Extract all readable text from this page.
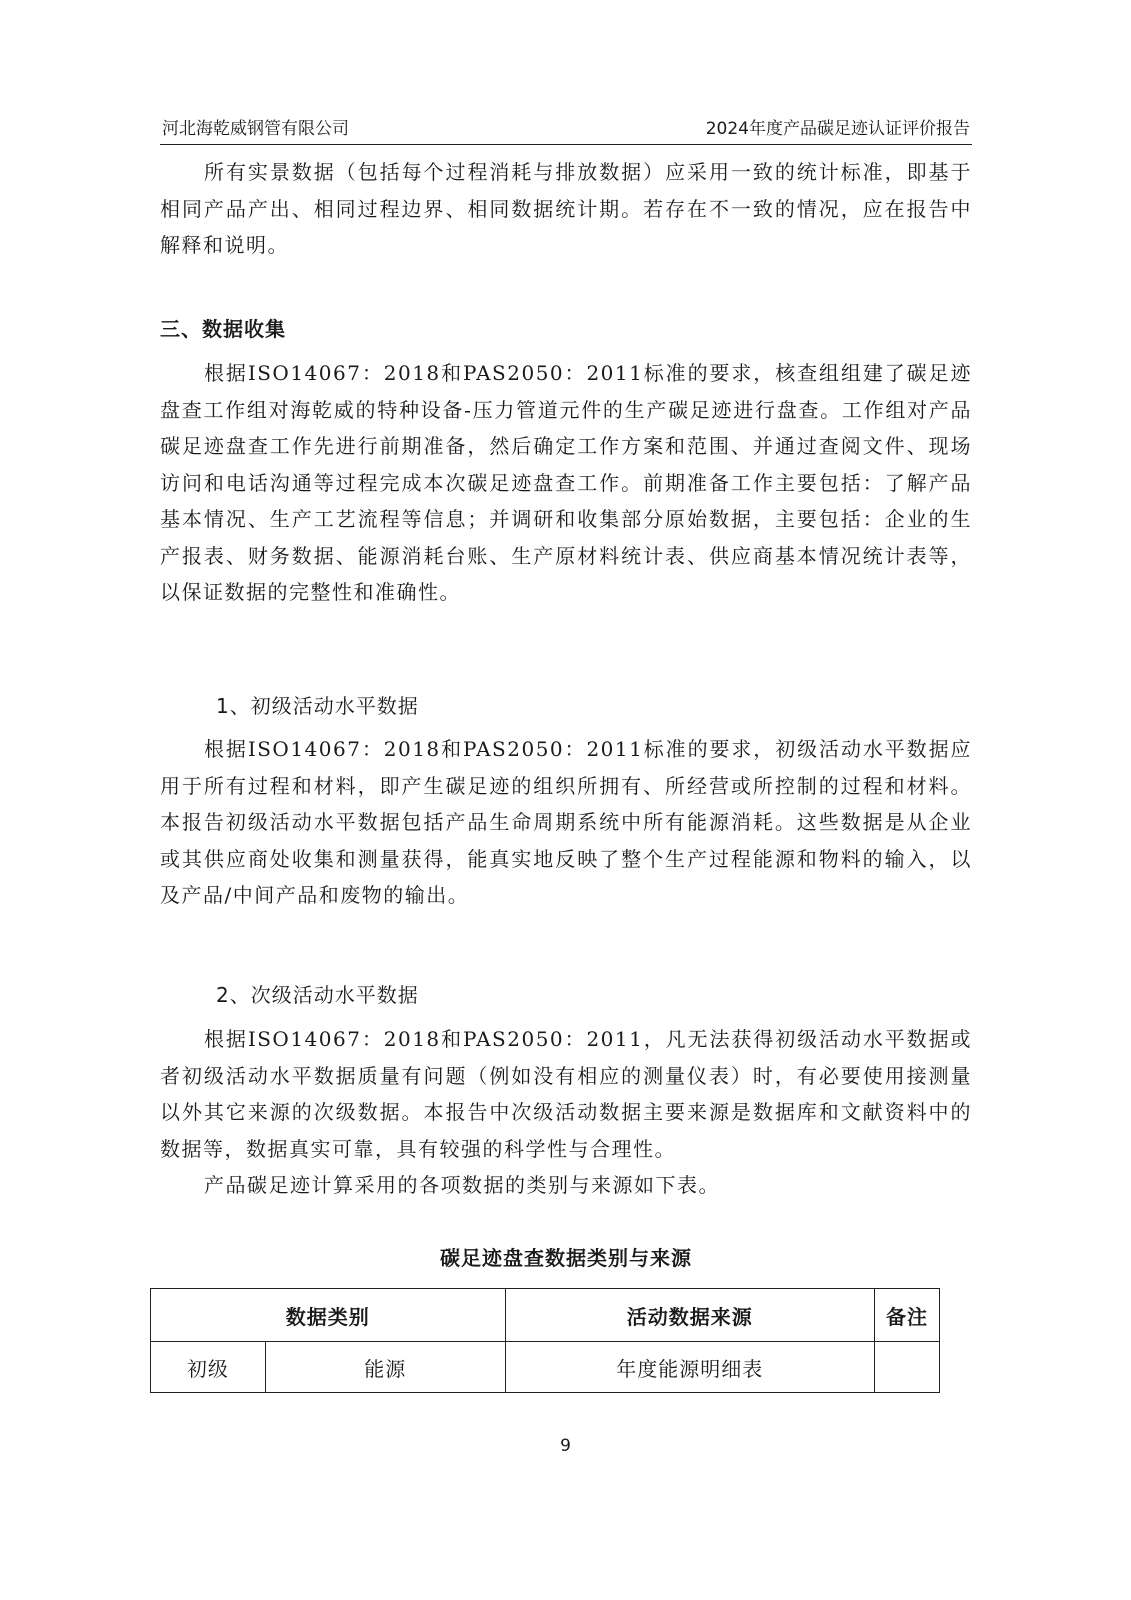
河北海乾威钢管有限公司	2024年度产品碳足迹认证评价报告

所有实景数据（包括每个过程消耗与排放数据）应采用一致的统计标准，即基于相同产品产出、相同过程边界、相同数据统计期。若存在不一致的情况，应在报告中解释和说明。

三、数据收集

根据ISO14067：2018和PAS2050：2011标准的要求，核查组组建了碳足迹盘查工作组对海乾威的特种设备-压力管道元件的生产碳足迹进行盘查。工作组对产品碳足迹盘查工作先进行前期准备，然后确定工作方案和范围、并通过查阅文件、现场访问和电话沟通等过程完成本次碳足迹盘查工作。前期准备工作主要包括：了解产品基本情况、生产工艺流程等信息；并调研和收集部分原始数据，主要包括：企业的生产报表、财务数据、能源消耗台账、生产原材料统计表、供应商基本情况统计表等，以保证数据的完整性和准确性。

1、初级活动水平数据

根据ISO14067：2018和PAS2050：2011标准的要求，初级活动水平数据应用于所有过程和材料，即产生碳足迹的组织所拥有、所经营或所控制的过程和材料。本报告初级活动水平数据包括产品生命周期系统中所有能源消耗。这些数据是从企业或其供应商处收集和测量获得，能真实地反映了整个生产过程能源和物料的输入，以及产品/中间产品和废物的输出。

2、次级活动水平数据

根据ISO14067：2018和PAS2050：2011，凡无法获得初级活动水平数据或者初级活动水平数据质量有问题（例如没有相应的测量仪表）时，有必要使用接测量以外其它来源的次级数据。本报告中次级活动数据主要来源是数据库和文献资料中的数据等，数据真实可靠，具有较强的科学性与合理性。

产品碳足迹计算采用的各项数据的类别与来源如下表。

碳足迹盘查数据类别与来源
数据类别		活动数据来源	备注
初级	能源	年度能源明细表	
9
